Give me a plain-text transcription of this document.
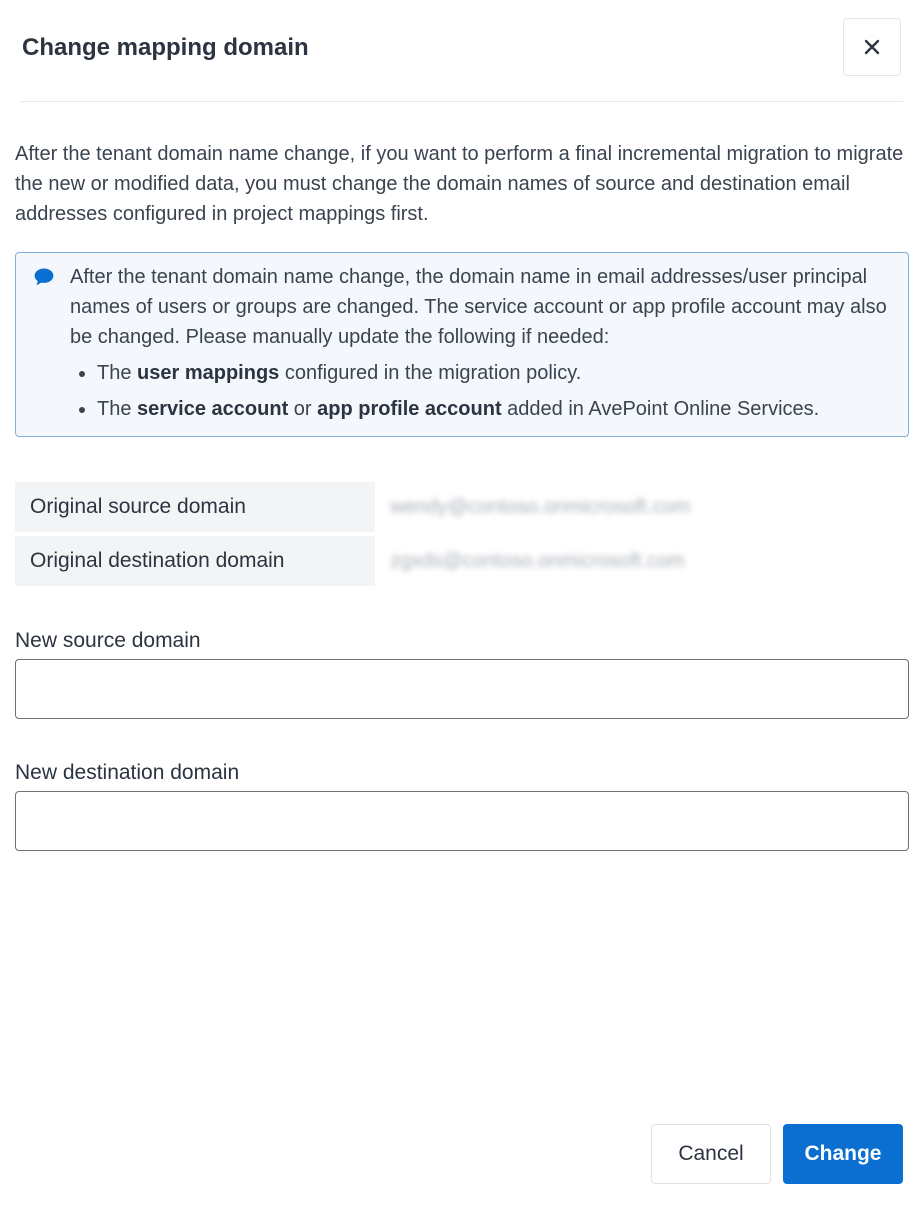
Change mapping domain

After the tenant domain name change, if you want to perform a final incremental migration to migrate the new or modified data, you must change the domain names of source and destination email addresses configured in project mappings first.

After the tenant domain name change, the domain name in email addresses/user principal names of users or groups are changed. The service account or app profile account may also be changed. Please manually update the following if needed:

• The user mappings configured in the migration policy.
• The service account or app profile account added in AvePoint Online Services.
Original source domain	wendy@contoso.onmicrosoft.com
Original destination domain	zgxds@contoso.onmicrosoft.com
New source domain
New destination domain
Cancel	Change
